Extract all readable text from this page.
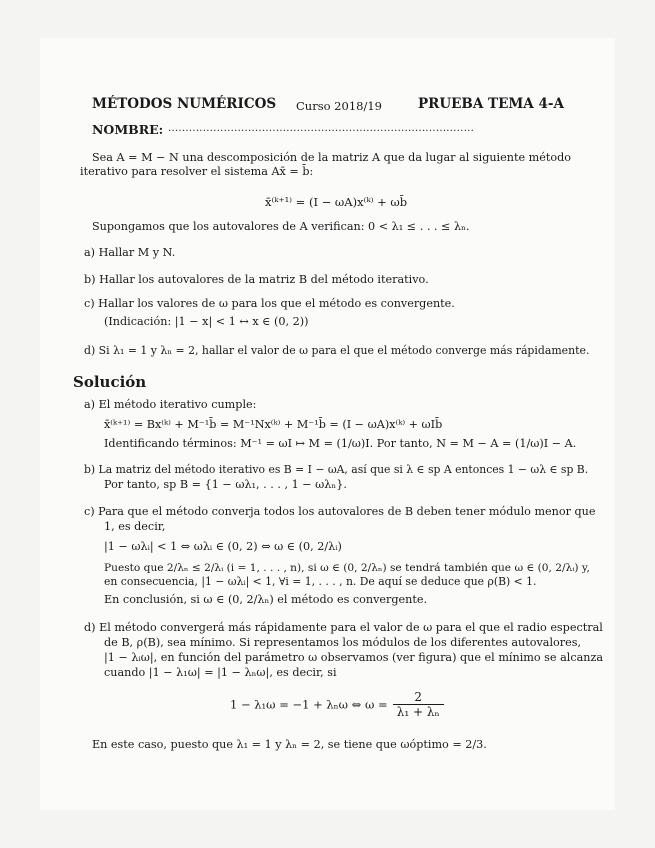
MÉTODOS NUMÉRICOS Curso 2018/19	PRUEBA TEMA 4-A
NOMBRE: ........................................................................................
Sea A = M − N una descomposición de la matriz A que da lugar al siguiente método
iterativo para resolver el sistema Ax̄ = b̄:
x̄⁽ᵏ⁺¹⁾ = (I − ωA)x⁽ᵏ⁾ + ωb̄
Supongamos que los autovalores de A verifican: 0 < λ₁ ≤ . . . ≤ λₙ.
a) Hallar M y N.
b) Hallar los autovalores de la matriz B del método iterativo.
c) Hallar los valores de ω para los que el método es convergente.
(Indicación: |1 − x| < 1 ↔ x ∈ (0, 2))
d) Si λ₁ = 1 y λₙ = 2, hallar el valor de ω para el que el método converge más rápidamente.
Solución
a) El método iterativo cumple:
x̄⁽ᵏ⁺¹⁾ = Bx⁽ᵏ⁾ + M⁻¹b̄ = M⁻¹Nx⁽ᵏ⁾ + M⁻¹b̄ = (I − ωA)x⁽ᵏ⁾ + ωIb̄
Identificando términos: M⁻¹ = ωI ↦ M = (1/ω)I. Por tanto, N = M − A = (1/ω)I − A.
b) La matriz del método iterativo es B = I − ωA, así que si λ ∈ sp A entonces 1 − ωλ ∈ sp B.
Por tanto, sp B = {1 − ωλ₁, . . . , 1 − ωλₙ}.
c) Para que el método converja todos los autovalores de B deben tener módulo menor que
1, es decir,
|1 − ωλᵢ| < 1 ⇔ ωλᵢ ∈ (0, 2) ⇔ ω ∈ (0, 2/λᵢ)
Puesto que 2/λₙ ≤ 2/λᵢ (i = 1, . . . , n), si ω ∈ (0, 2/λₙ) se tendrá también que ω ∈ (0, 2/λᵢ) y,
en consecuencia, |1 − ωλᵢ| < 1, ∀i = 1, . . . , n. De aquí se deduce que ρ(B) < 1.
En conclusión, si ω ∈ (0, 2/λₙ) el método es convergente.
d) El método convergerá más rápidamente para el valor de ω para el que el radio espectral
de B, ρ(B), sea mínimo. Si representamos los módulos de los diferentes autovalores,
|1 − λᵢω|, en función del parámetro ω observamos (ver figura) que el mínimo se alcanza
cuando |1 − λ₁ω| = |1 − λₙω|, es decir, si
1 − λ₁ω = −1 + λₙω ⇔ $\omega = \frac{2}{\text{λ₁ + λₙ}}$
En este caso, puesto que λ₁ = 1 y λₙ = 2, se tiene que ωóptimo = 2/3.
